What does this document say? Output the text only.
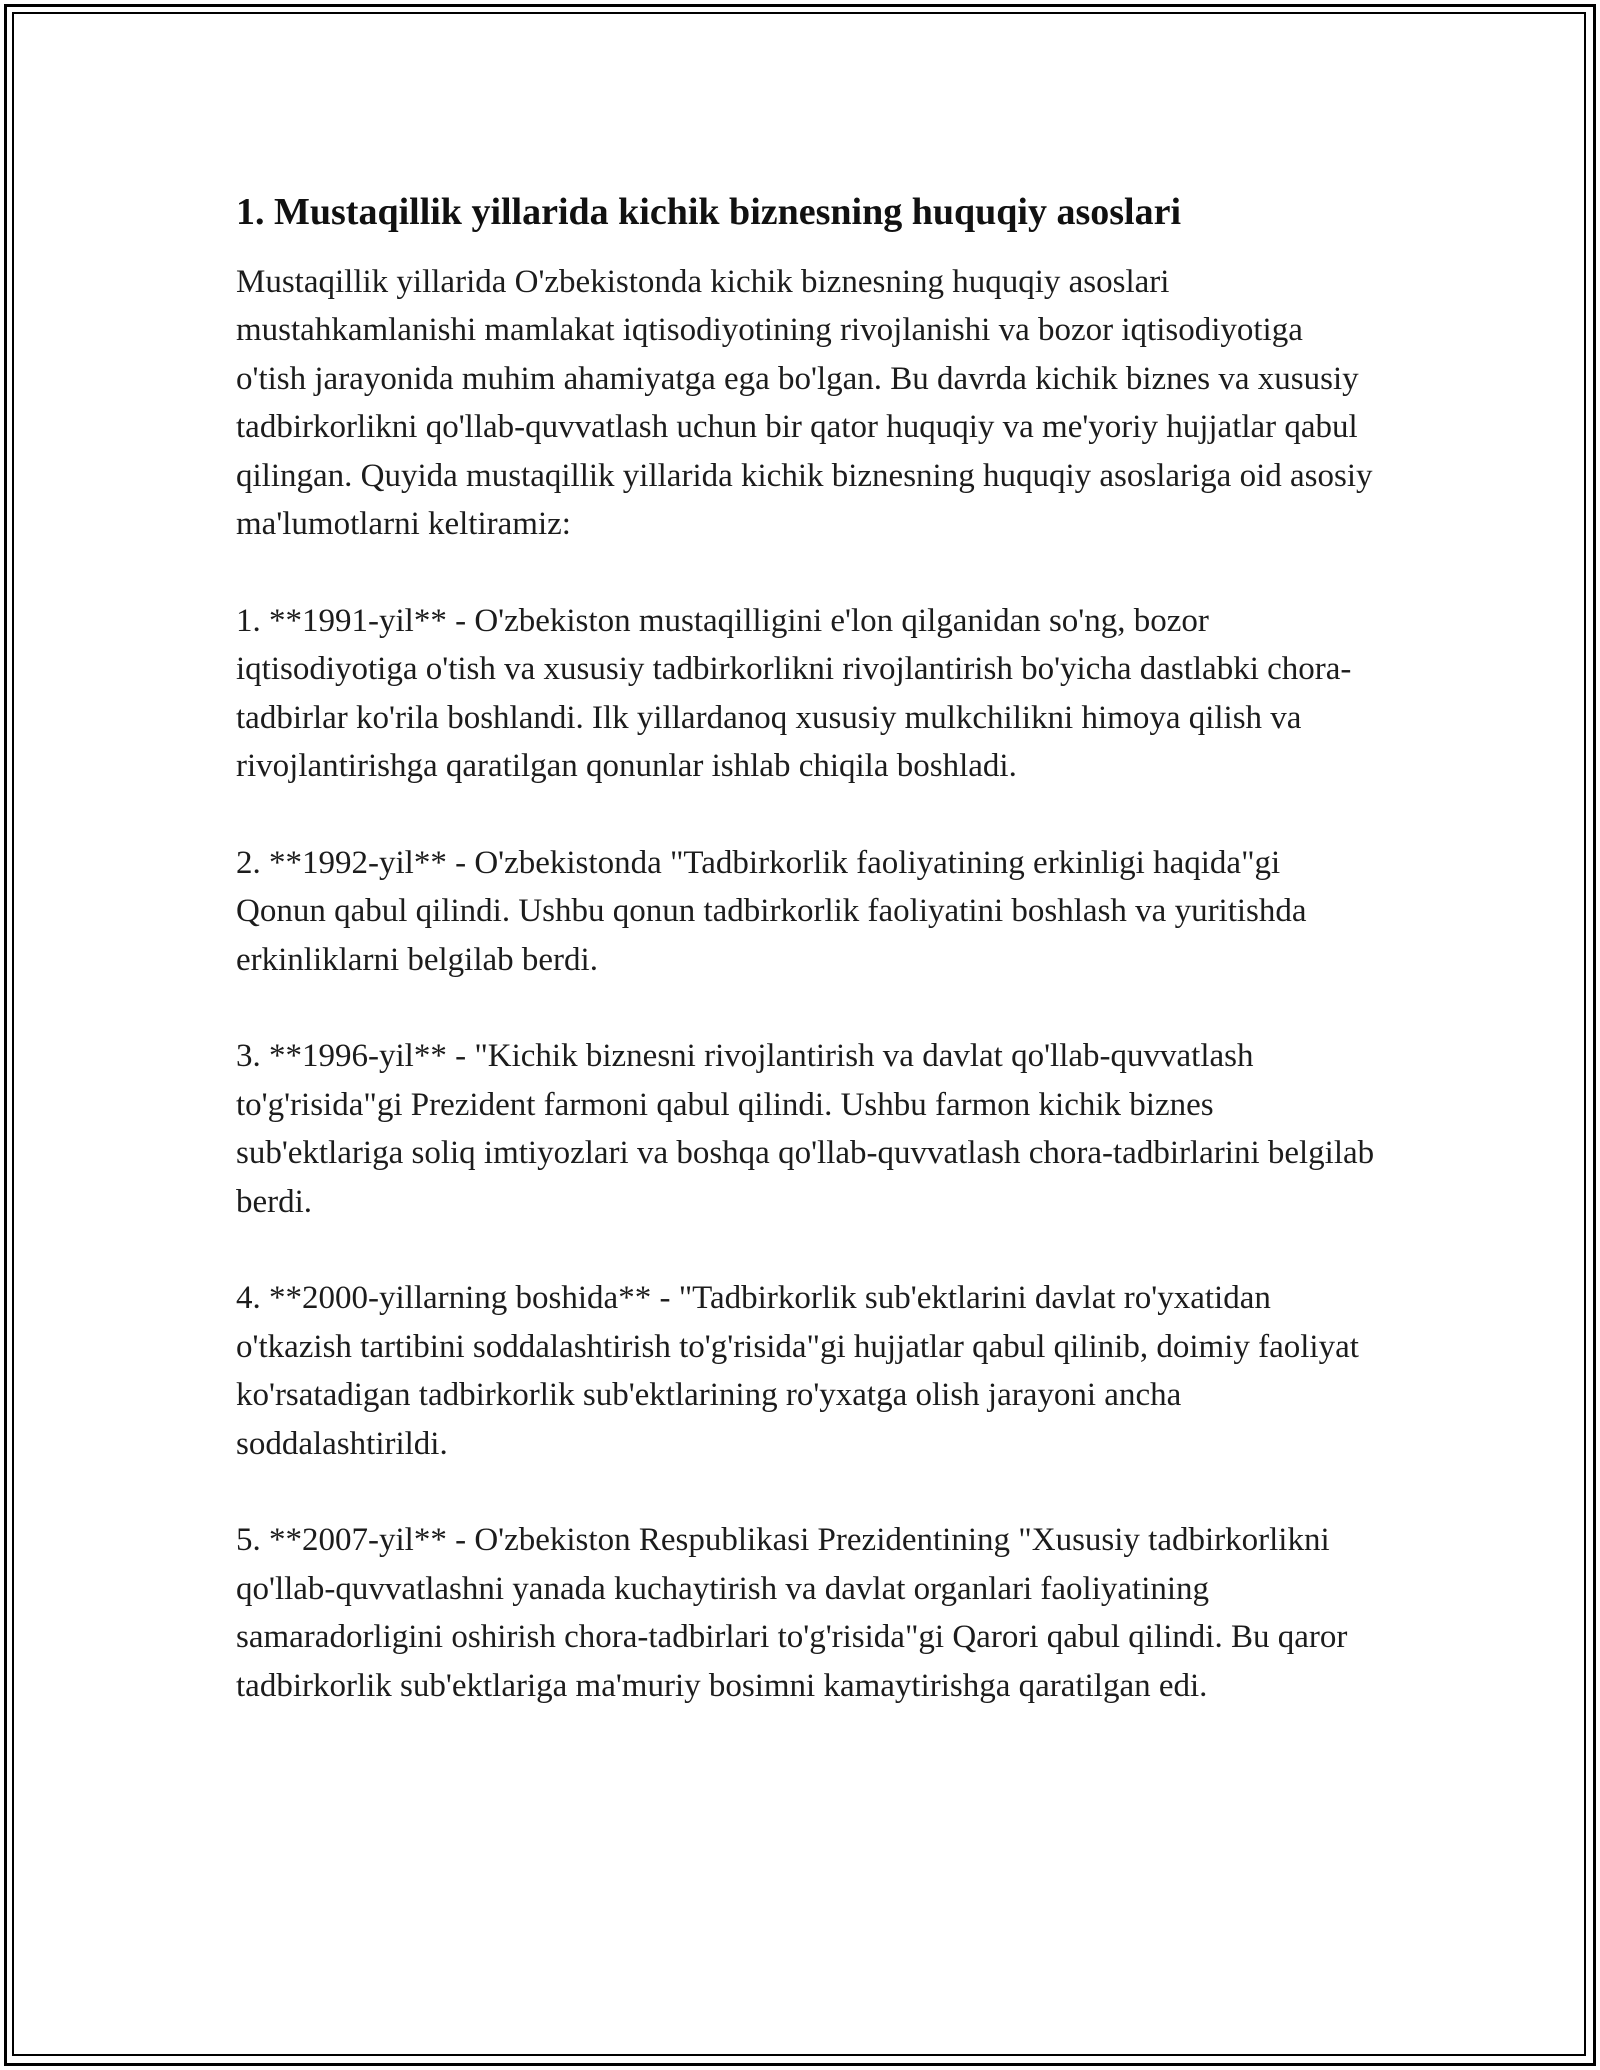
1. Mustaqillik yillarida kichik biznesning huquqiy asoslari

Mustaqillik yillarida O'zbekistonda kichik biznesning huquqiy asoslari mustahkamlanishi mamlakat iqtisodiyotining rivojlanishi va bozor iqtisodiyotiga o'tish jarayonida muhim ahamiyatga ega bo'lgan. Bu davrda kichik biznes va xususiy tadbirkorlikni qo'llab-quvvatlash uchun bir qator huquqiy va me'yoriy hujjatlar qabul qilingan. Quyida mustaqillik yillarida kichik biznesning huquqiy asoslariga oid asosiy ma'lumotlarni keltiramiz:

1. **1991-yil** - O'zbekiston mustaqilligini e'lon qilganidan so'ng, bozor iqtisodiyotiga o'tish va xususiy tadbirkorlikni rivojlantirish bo'yicha dastlabki chora-tadbirlar ko'rila boshlandi. Ilk yillardanoq xususiy mulkchilikni himoya qilish va rivojlantirishga qaratilgan qonunlar ishlab chiqila boshladi.

2. **1992-yil** - O'zbekistonda "Tadbirkorlik faoliyatining erkinligi haqida"gi Qonun qabul qilindi. Ushbu qonun tadbirkorlik faoliyatini boshlash va yuritishda erkinliklarni belgilab berdi.

3. **1996-yil** - "Kichik biznesni rivojlantirish va davlat qo'llab-quvvatlash to'g'risida"gi Prezident farmoni qabul qilindi. Ushbu farmon kichik biznes sub'ektlariga soliq imtiyozlari va boshqa qo'llab-quvvatlash chora-tadbirlarini belgilab berdi.

4. **2000-yillarning boshida** - "Tadbirkorlik sub'ektlarini davlat ro'yxatidan o'tkazish tartibini soddalashtirish to'g'risida"gi hujjatlar qabul qilinib, doimiy faoliyat ko'rsatadigan tadbirkorlik sub'ektlarining ro'yxatga olish jarayoni ancha soddalashtirildi.

5. **2007-yil** - O'zbekiston Respublikasi Prezidentining "Xususiy tadbirkorlikni qo'llab-quvvatlashni yanada kuchaytirish va davlat organlari faoliyatining samaradorligini oshirish chora-tadbirlari to'g'risida"gi Qarori qabul qilindi. Bu qaror tadbirkorlik sub'ektlariga ma'muriy bosimni kamaytirishga qaratilgan edi.
